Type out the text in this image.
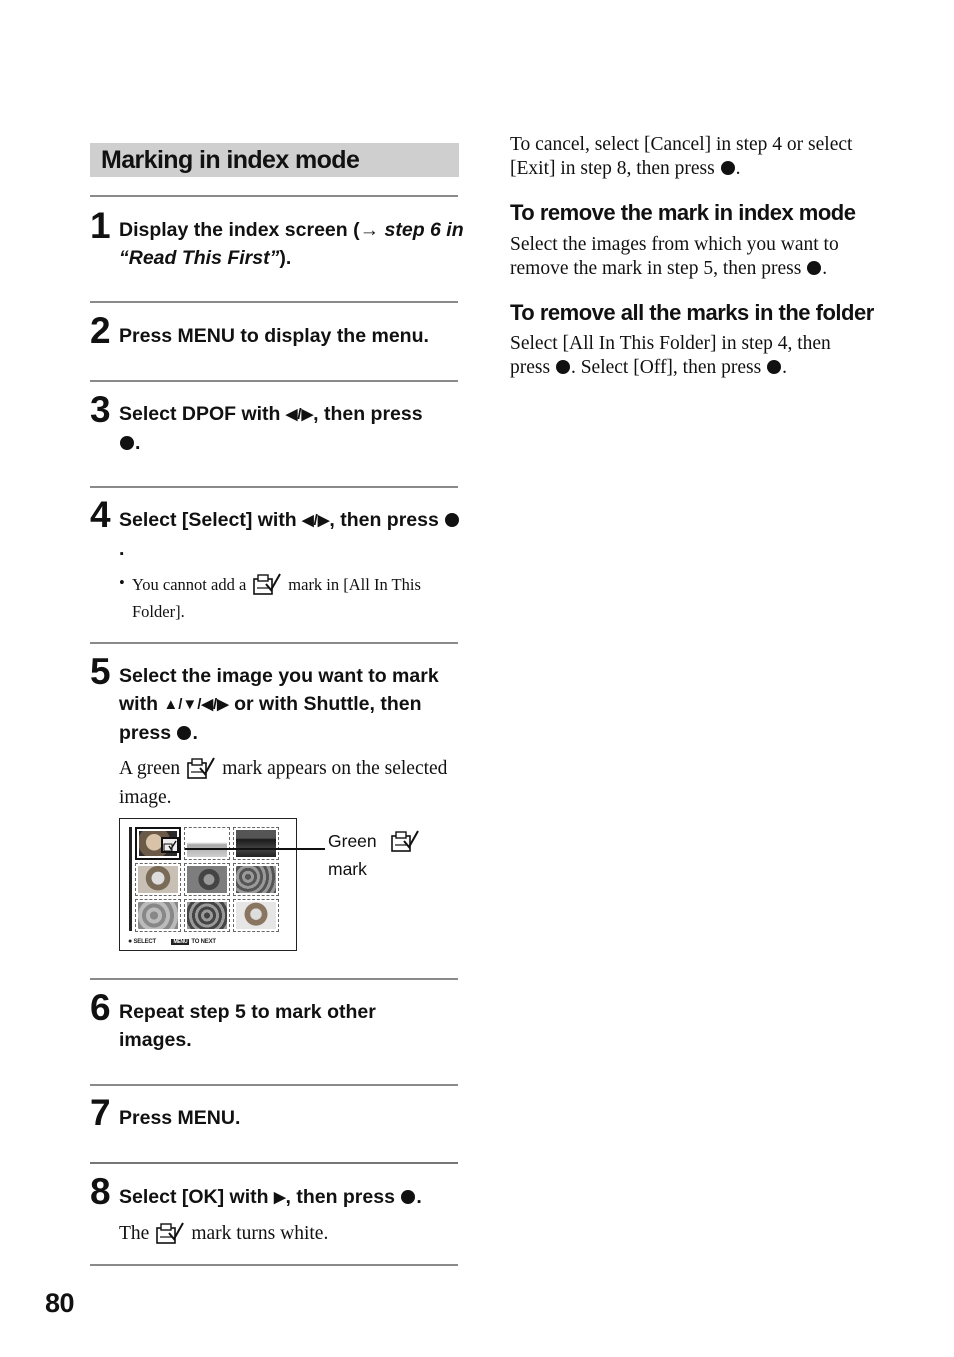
Marking in index mode
1 Display the index screen (→ step 6 in “Read This First”).
2 Press MENU to display the menu.
3 Select DPOF with ◀/▶, then press
.
4 Select [Select] with ◀/▶, then press .
• You cannot add a	mark in [All In This Folder].
5 Select the image you want to mark with ▲/▼/◀/▶ or with Shuttle, then press .
A green mark appears on the selected image.
● SELECT	MENU TO NEXT
Green
mark
6 Repeat step 5 to mark other images.
7 Press MENU.
8 Select [OK] with ▶, then press .
The mark turns white.
To cancel, select [Cancel] in step 4 or select [Exit] in step 8, then press .
To remove the mark in index mode
Select the images from which you want to remove the mark in step 5, then press .
To remove all the marks in the folder
Select [All In This Folder] in step 4, then press . Select [Off], then press .
80
